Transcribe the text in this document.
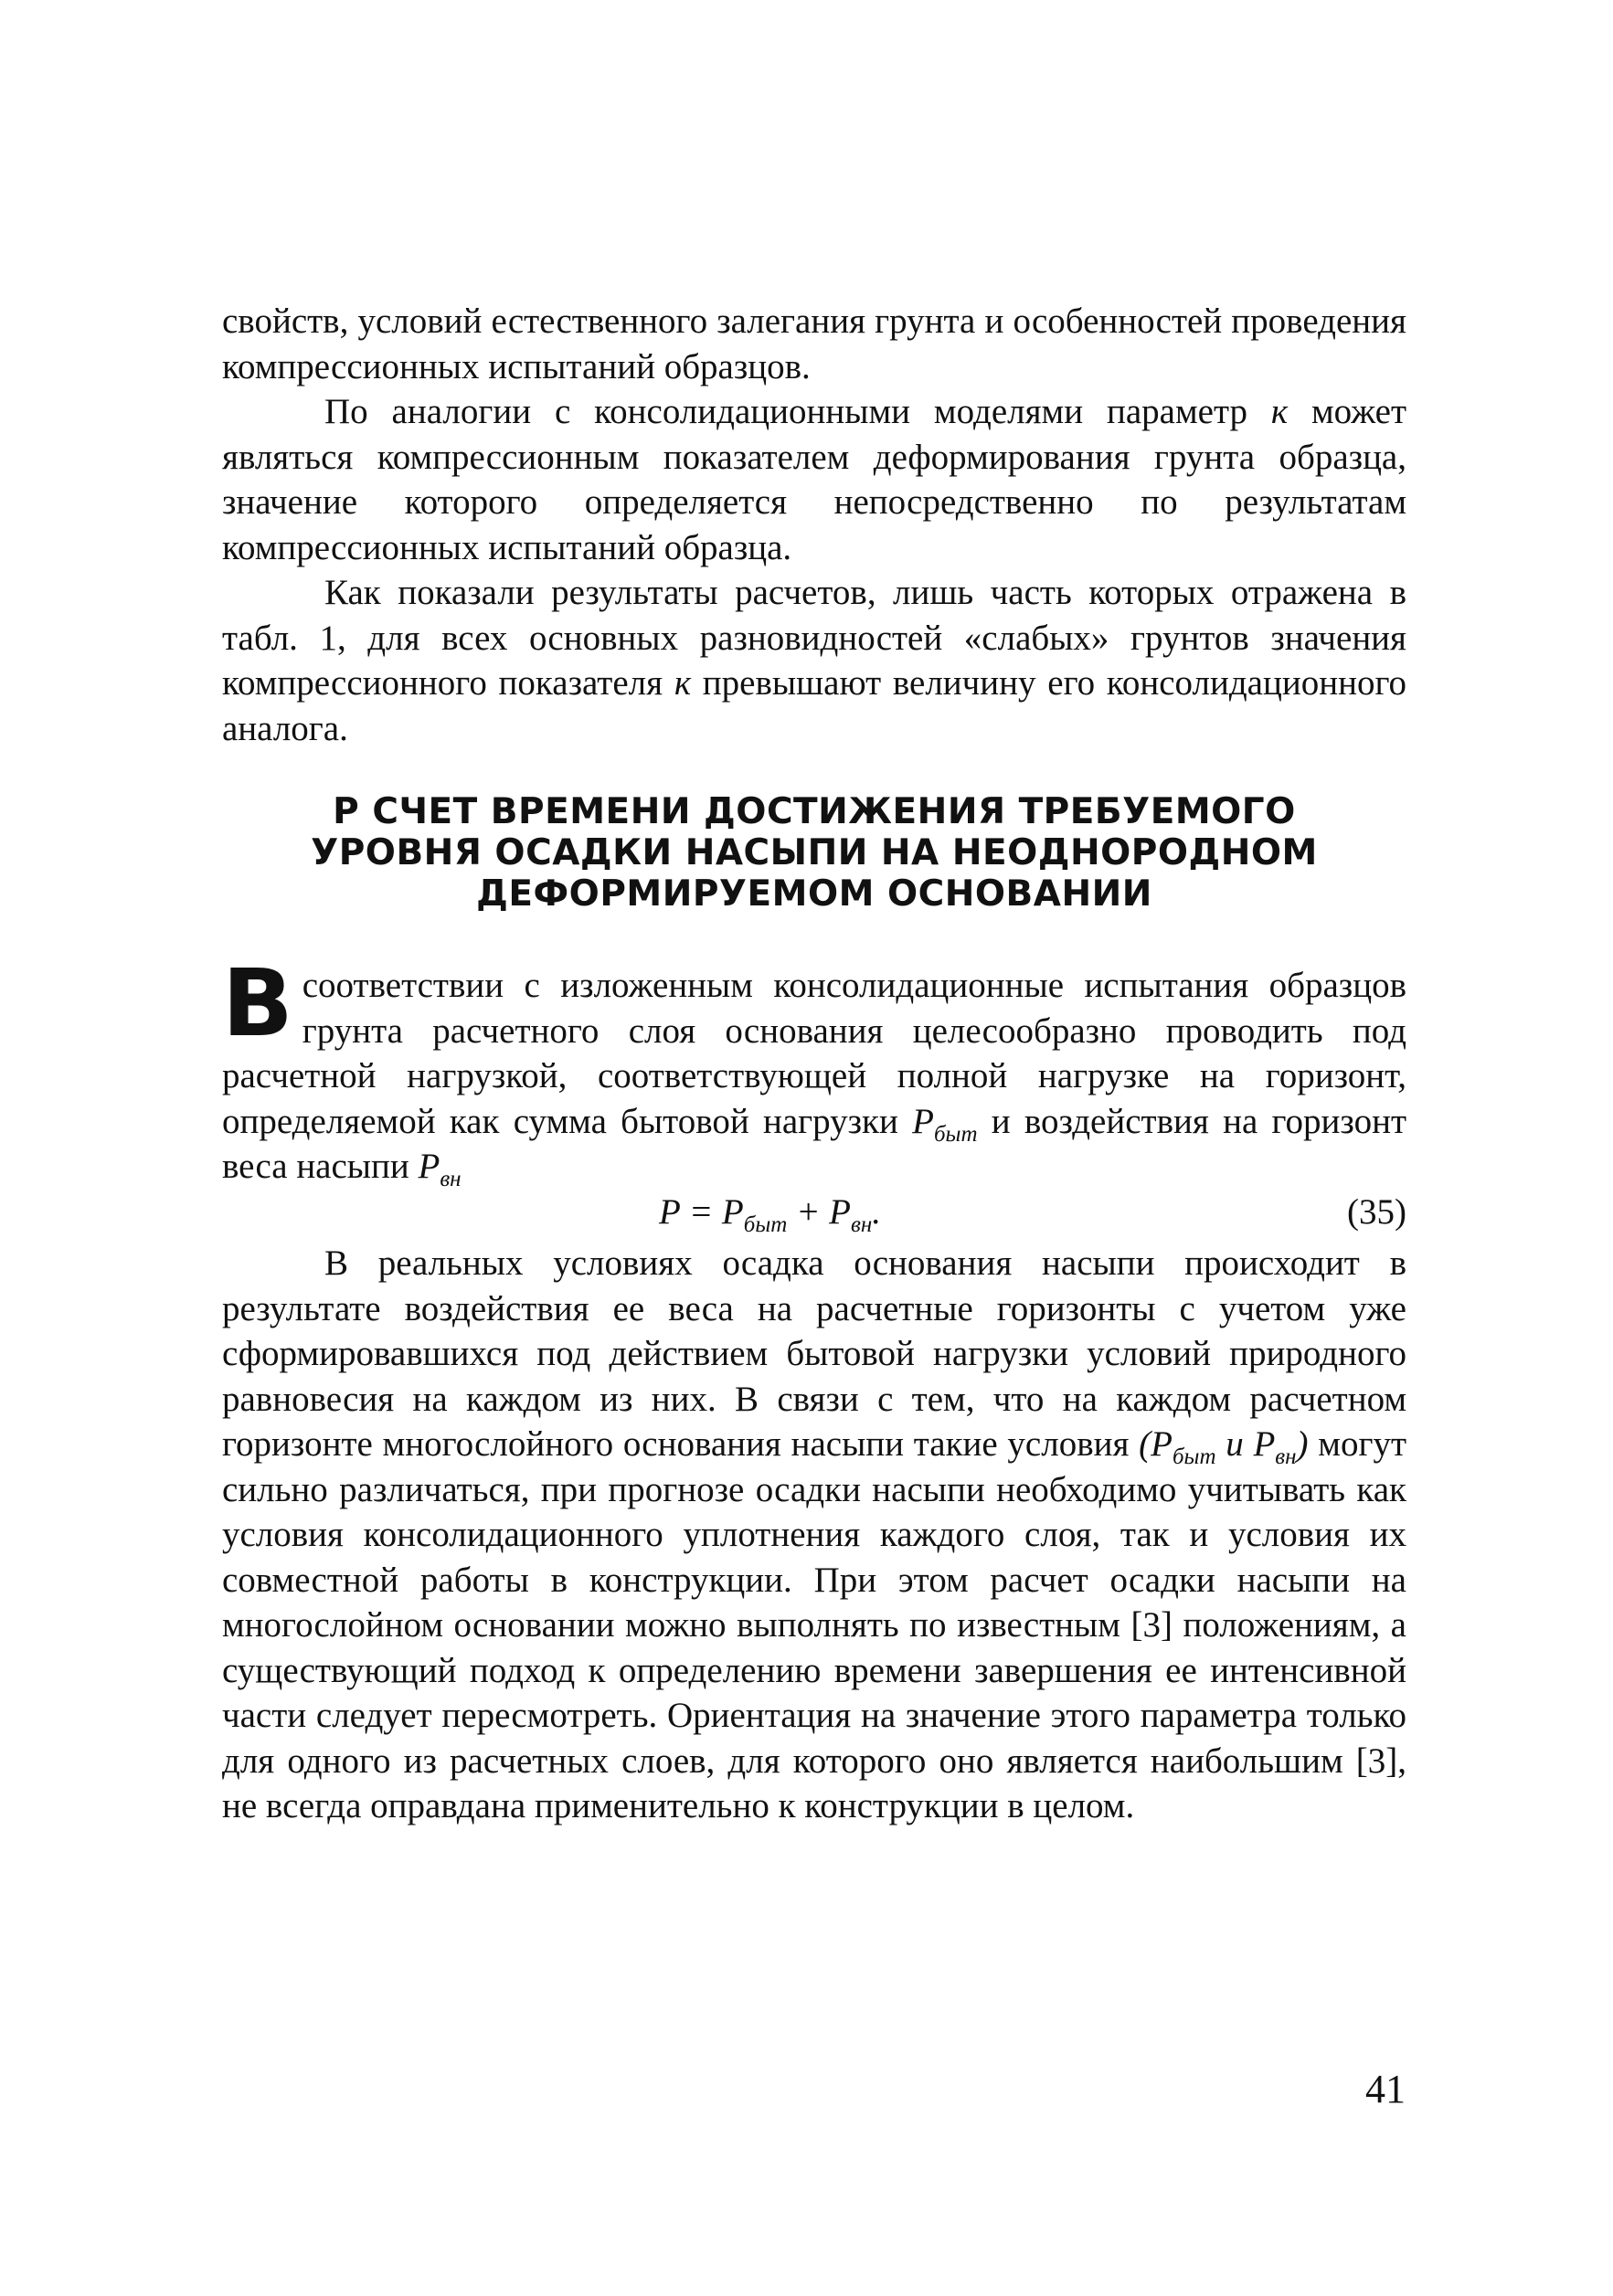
свойств, условий естественного залегания грунта и особенностей проведения компрессионных испытаний образцов.

По аналогии с консолидационными моделями параметр к может являться компрессионным показателем деформирования грунта образца, значение которого определяется непосредственно по результатам компрессионных испытаний образца.

Как показали результаты расчетов, лишь часть которых отражена в табл. 1, для всех основных разновидностей «слабых» грунтов значения компрессионного показателя к превышают величину его консолидационного аналога.

Р СЧЕТ ВРЕМЕНИ ДОСТИЖЕНИЯ ТРЕБУЕМОГО
УРОВНЯ ОСАДКИ НАСЫПИ НА НЕОДНОРОДНОМ
ДЕФОРМИРУЕМОМ ОСНОВАНИИ
В соответствии с изложенным консолидационные испытания образцов грунта расчетного слоя основания целесообразно проводить под расчетной нагрузкой, соответствующей полной нагрузке на горизонт, определяемой как сумма бытовой нагрузки $P_{быт}$ и воздействия на горизонт веса насыпи $P_{вн}$
$P = P_{быт} + P_{вн}$.	(35)

В реальных условиях осадка основания насыпи происходит в результате воздействия ее веса на расчетные горизонты с учетом уже сформировавшихся под действием бытовой нагрузки условий природного равновесия на каждом из них. В связи с тем, что на каждом расчетном горизонте многослойного основания насыпи такие условия ($P_{быт}$ и $P_{вн}$) могут сильно различаться, при прогнозе осадки насыпи необходимо учитывать как условия консолидационного уплотнения каждого слоя, так и условия их совместной работы в конструкции. При этом расчет осадки насыпи на многослойном основании можно выполнять по известным [3] положениям, а существующий подход к определению времени завершения ее интенсивной части следует пересмотреть. Ориентация на значение этого параметра только для одного из расчетных слоев, для которого оно является наибольшим [3], не всегда оправдана применительно к конструкции в целом.

41
